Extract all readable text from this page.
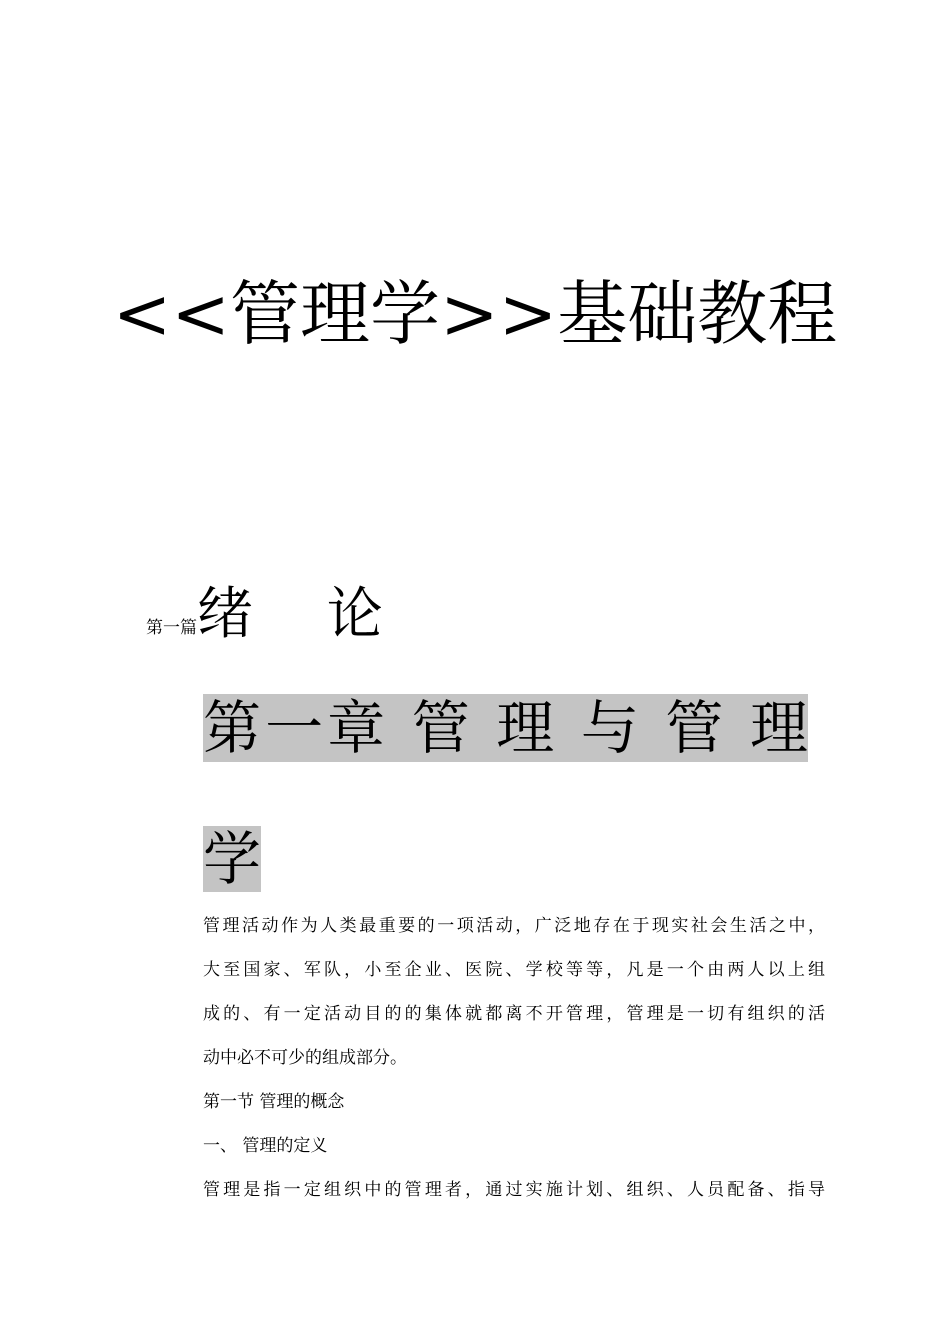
<<管理学>>基础教程
第一篇绪 论
第一章 管 理 与 管 理
学
管理活动作为人类最重要的一项活动，广泛地存在于现实社会生活之中，
大至国家、军队，小至企业、医院、学校等等，凡是一个由两人以上组
成的、有一定活动目的的集体就都离不开管理，管理是一切有组织的活
动中必不可少的组成部分。
第一节 管理的概念
一、 管理的定义
管理是指一定组织中的管理者，通过实施计划、组织、人员配备、指导
